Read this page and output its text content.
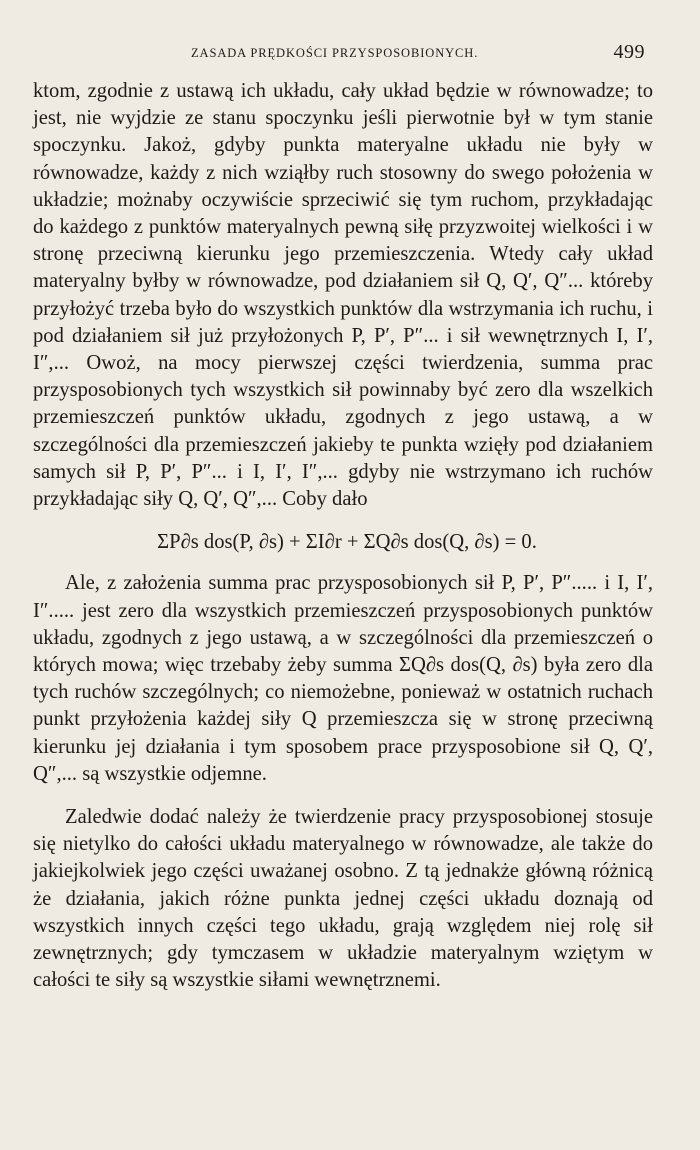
ZASADA PRĘDKOŚCI PRZYSPOSOBIONYCH.	499

ktom, zgodnie z ustawą ich układu, cały układ będzie w równowadze; to jest, nie wyjdzie ze stanu spoczynku jeśli pierwotnie był w tym stanie spoczynku. Jakoż, gdyby punkta materyalne układu nie były w równowadze, każdy z nich wziąłby ruch stosowny do swego położenia w układzie; możnaby oczywiście sprzeciwić się tym ruchom, przykładając do każdego z punktów materyalnych pewną siłę przyzwoitej wielkości i w stronę przeciwną kierunku jego przemieszczenia. Wtedy cały układ materyalny byłby w równowadze, pod działaniem sił Q, Q′, Q″... któreby przyłożyć trzeba było do wszystkich punktów dla wstrzymania ich ruchu, i pod działaniem sił już przyłożonych P, P′, P″... i sił wewnętrznych I, I′, I″,... Owoż, na mocy pierwszej części twierdzenia, summa prac przysposobionych tych wszystkich sił powinnaby być zero dla wszelkich przemieszczeń punktów układu, zgodnych z jego ustawą, a w szczególności dla przemieszczeń jakieby te punkta wzięły pod działaniem samych sił P, P′, P″... i I, I′, I″,... gdyby nie wstrzymano ich ruchów przykładając siły Q, Q′, Q″,... Coby dało

ΣP∂s dos(P, ∂s) + ΣI∂r + ΣQ∂s dos(Q, ∂s) = 0.

Ale, z założenia summa prac przysposobionych sił P, P′, P″..... i I, I′, I″..... jest zero dla wszystkich przemieszczeń przysposobionych punktów układu, zgodnych z jego ustawą, a w szczególności dla przemieszczeń o których mowa; więc trzebaby żeby summa ΣQ∂s dos(Q, ∂s) była zero dla tych ruchów szczególnych; co niemożebne, ponieważ w ostatnich ruchach punkt przyłożenia każdej siły Q przemieszcza się w stronę przeciwną kierunku jej działania i tym sposobem prace przysposobione sił Q, Q′, Q″,... są wszystkie odjemne.

Zaledwie dodać należy że twierdzenie pracy przysposobionej stosuje się nietylko do całości układu materyalnego w równowadze, ale także do jakiejkolwiek jego części uważanej osobno. Z tą jednakże główną różnicą że działania, jakich różne punkta jednej części układu doznają od wszystkich innych części tego układu, grają względem niej rolę sił zewnętrznych; gdy tymczasem w układzie materyalnym wziętym w całości te siły są wszystkie siłami wewnętrznemi.
